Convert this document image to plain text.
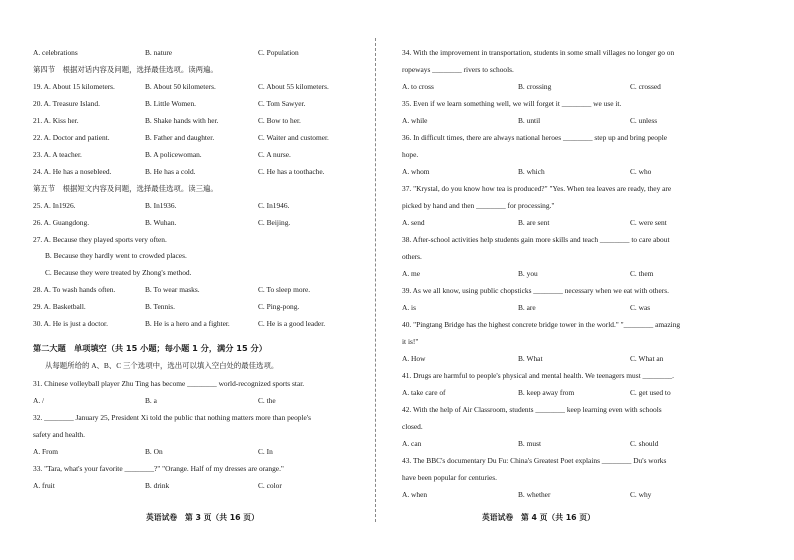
英语试卷　第 3 页（共 16 页）
A. celebrations	B. nature	C. Population
第四节　根据对话内容及问题，选择最佳选项。读两遍。
19. A. About 15 kilometers.	B. About 50 kilometers.	C. About 55 kilometers.
20. A. Treasure Island.	B. Little Women.	C. Tom Sawyer.
21. A. Kiss her.	B. Shake hands with her.	C. Bow to her.
22. A. Doctor and patient.	B. Father and daughter.	C. Waiter and customer.
23. A. A teacher.	B. A policewoman.	C. A nurse.
24. A. He has a nosebleed.	B. He has a cold.	C. He has a toothache.
第五节　根据短文内容及问题，选择最佳选项。读三遍。
25. A. In1926.	B. In1936.	C. In1946.
26. A. Guangdong.	B. Wuhan.	C. Beijing.
27. A. Because they played sports very often.
B. Because they hardly went to crowded places.
C. Because they were treated by Zhong's method.
28. A. To wash hands often.	B. To wear masks.	C. To sleep more.
29. A. Basketball.	B. Tennis.	C. Ping-pong.
30. A. He is just a doctor.	B. He is a hero and a fighter.	C. He is a good leader.
第二大题　单项填空（共 15 小题；每小题 1 分，满分 15 分）
从每题所给的 A、B、C 三个选项中，选出可以填入空白处的最佳选项。
31. Chinese volleyball player Zhu Ting has become ________ world-recognized sports star.
A. /	B. a	C. the
32. ________ January 25, President Xi told the public that nothing matters more than people's
safety and health.
A. From	B. On	C. In
33. "Tara, what's your favorite ________?" "Orange. Half of my dresses are orange."
A. fruit	B. drink	C. color
英语试卷　第 4 页（共 16 页）
34. With the improvement in transportation, students in some small villages no longer go on
ropeways ________ rivers to schools.
A. to cross	B. crossing	C. crossed
35. Even if we learn something well, we will forget it ________ we use it.
A. while	B. until	C. unless
36. In difficult times, there are always national heroes ________ step up and bring people
hope.
A. whom	B. which	C. who
37. "Krystal, do you know how tea is produced?" "Yes. When tea leaves are ready, they are
picked by hand and then ________ for processing."
A. send	B. are sent	C. were sent
38. After-school activities help students gain more skills and teach ________ to care about
others.
A. me	B. you	C. them
39. As we all know, using public chopsticks ________ necessary when we eat with others.
A. is	B. are	C. was
40. "Pingtang Bridge has the highest concrete bridge tower in the world." "________ amazing
it is!"
A. How	B. What	C. What an
41. Drugs are harmful to people's physical and mental health. We teenagers must ________.
A. take care of	B. keep away from	C. get used to
42. With the help of Air Classroom, students ________ keep learning even with schools
closed.
A. can	B. must	C. should
43. The BBC's documentary Du Fu: China's Greatest Poet explains ________ Du's works
have been popular for centuries.
A. when	B. whether	C. why
